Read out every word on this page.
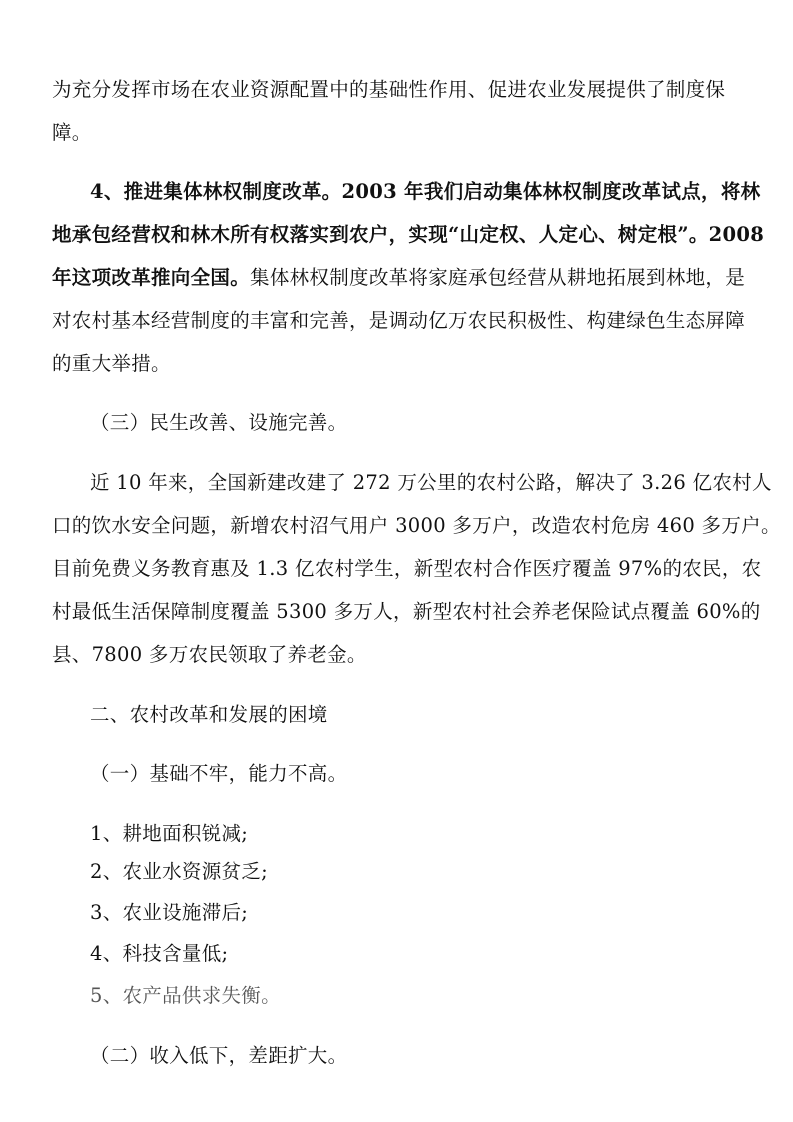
为充分发挥市场在农业资源配置中的基础性作用、促进农业发展提供了制度保
障。
4、推进集体林权制度改革。2003 年我们启动集体林权制度改革试点，将林
地承包经营权和林木所有权落实到农户，实现“山定权、人定心、树定根”。2008
年这项改革推向全国。集体林权制度改革将家庭承包经营从耕地拓展到林地，是
对农村基本经营制度的丰富和完善，是调动亿万农民积极性、构建绿色生态屏障
的重大举措。
（三）民生改善、设施完善。
近 10 年来，全国新建改建了 272 万公里的农村公路，解决了 3.26 亿农村人
口的饮水安全问题，新增农村沼气用户 3000 多万户，改造农村危房 460 多万户。
目前免费义务教育惠及 1.3 亿农村学生，新型农村合作医疗覆盖 97%的农民，农
村最低生活保障制度覆盖 5300 多万人，新型农村社会养老保险试点覆盖 60%的
县、7800 多万农民领取了养老金。
二、农村改革和发展的困境
（一）基础不牢，能力不高。
1、耕地面积锐减;
2、农业水资源贫乏;
3、农业设施滞后;
4、科技含量低;
5、农产品供求失衡。
（二）收入低下，差距扩大。
